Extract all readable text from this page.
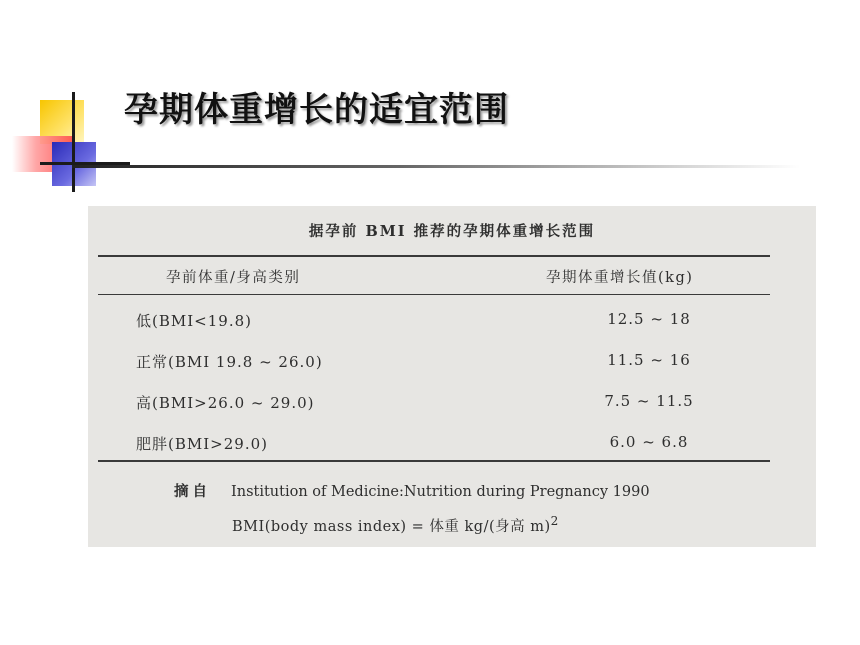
孕期体重增长的适宜范围
据孕前 BMI 推荐的孕期体重增长范围
孕前体重/身高类别	孕期体重增长值(kg)
低(BMI<19.8)	12.5 ~ 18
正常(BMI 19.8 ~ 26.0)	11.5 ~ 16
高(BMI>26.0 ~ 29.0)	7.5 ~ 11.5
肥胖(BMI>29.0)	6.0 ~ 6.8
摘自 Institution of Medicine:Nutrition during Pregnancy 1990
BMI(body mass index) = 体重 kg/(身高 m)$^2$
